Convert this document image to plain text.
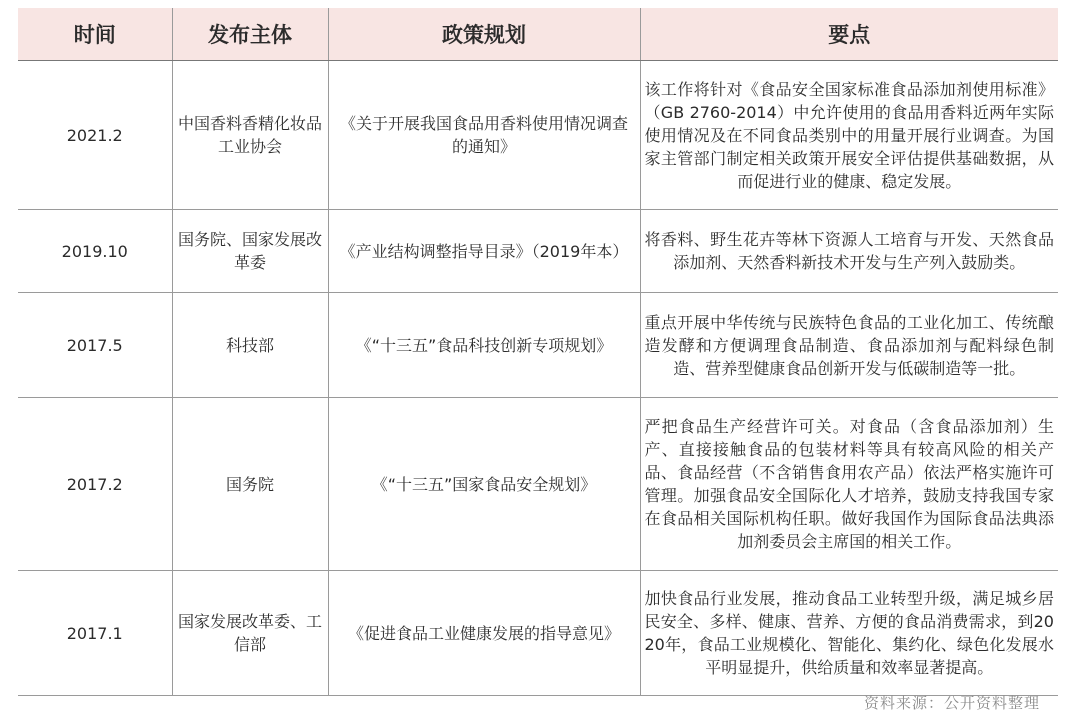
时间	发布主体	政策规划	要点
2021.2	中国香料香精化妆品工业协会	《关于开展我国食品用香料使用情况调查的通知》	该工作将针对《食品安全国家标准食品添加剂使用标准》（GB 2760-2014）中允许使用的食品用香料近两年实际使用情况及在不同食品类别中的用量开展行业调查。为国家主管部门制定相关政策开展安全评估提供基础数据，从而促进行业的健康、稳定发展。
2019.10	国务院、国家发展改革委	《产业结构调整指导目录》（2019年本）	将香料、野生花卉等林下资源人工培育与开发、天然食品添加剂、天然香料新技术开发与生产列入鼓励类。
2017.5	科技部	《“十三五”食品科技创新专项规划》	重点开展中华传统与民族特色食品的工业化加工、传统酿造发酵和方便调理食品制造、食品添加剂与配料绿色制造、营养型健康食品创新开发与低碳制造等一批。
2017.2	国务院	《“十三五”国家食品安全规划》	严把食品生产经营许可关。对食品（含食品添加剂）生产、直接接触食品的包装材料等具有较高风险的相关产品、食品经营（不含销售食用农产品）依法严格实施许可管理。加强食品安全国际化人才培养，鼓励支持我国专家在食品相关国际机构任职。做好我国作为国际食品法典添加剂委员会主席国的相关工作。
2017.1	国家发展改革委、工信部	《促进食品工业健康发展的指导意见》	加快食品行业发展，推动食品工业转型升级，满足城乡居民安全、多样、健康、营养、方便的食品消费需求，到2020年，食品工业规模化、智能化、集约化、绿色化发展水平明显提升，供给质量和效率显著提高。
资料来源：公开资料整理
